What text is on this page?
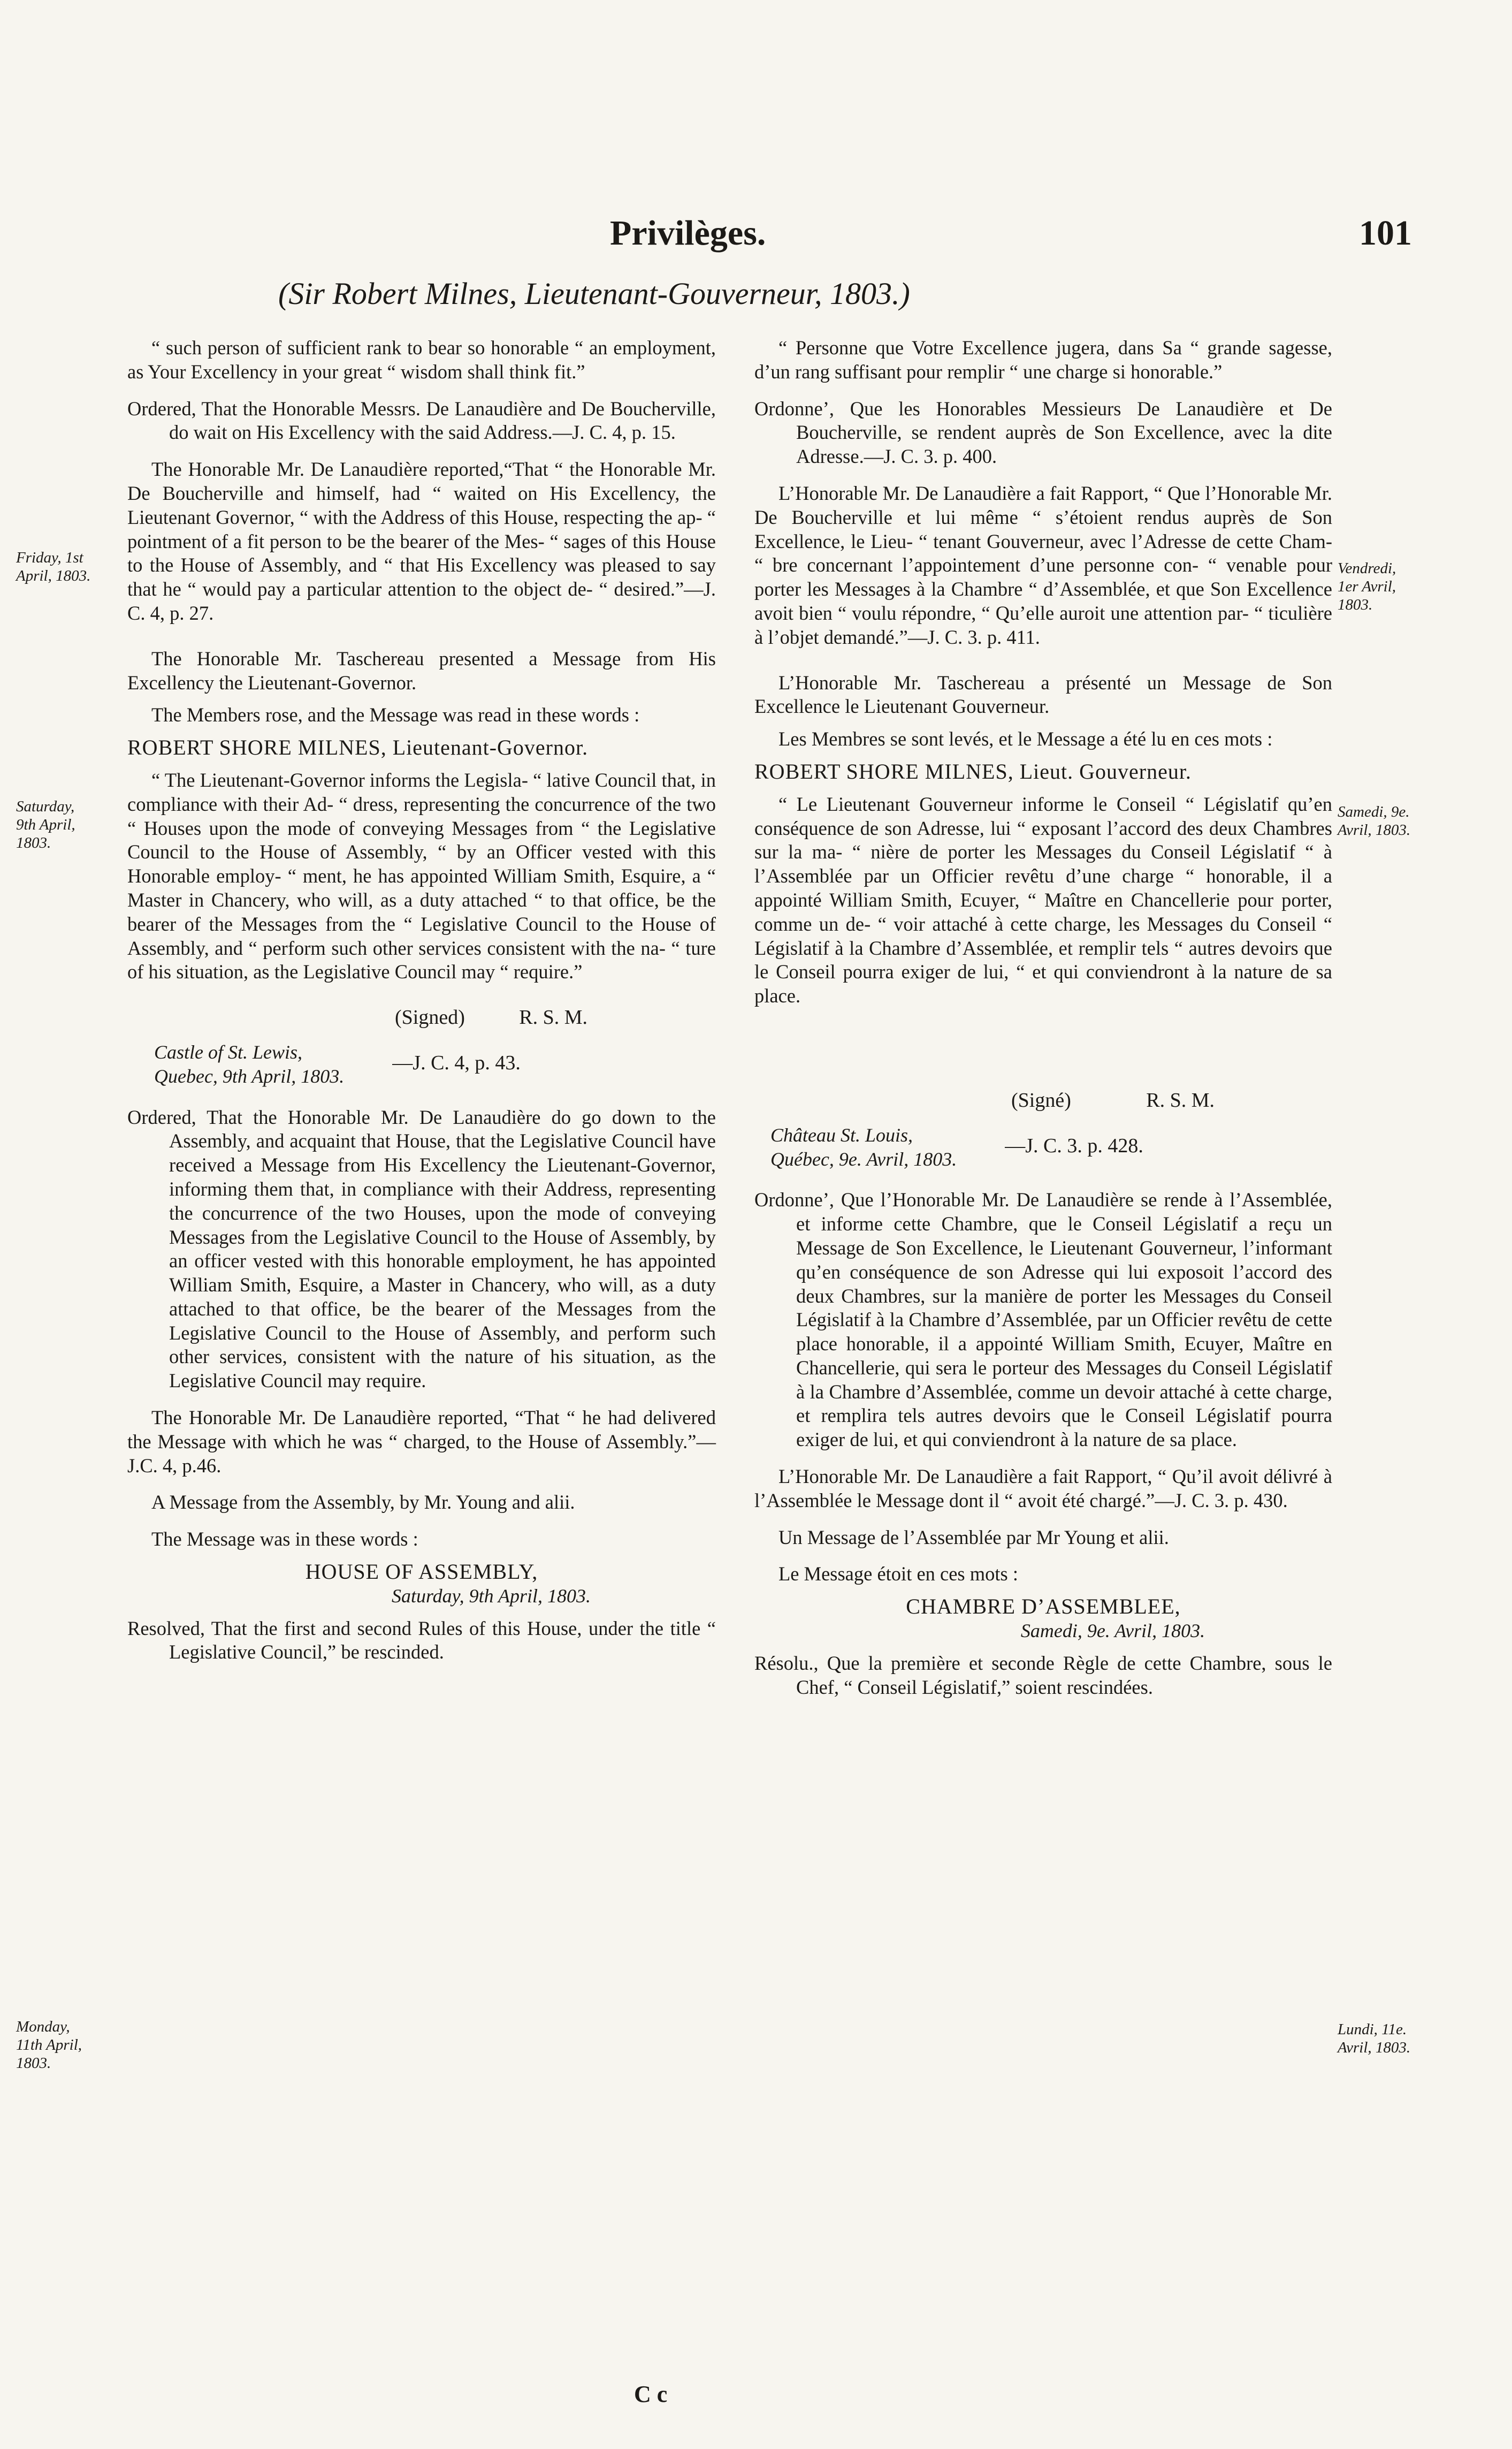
Privilèges.	101
(Sir Robert Milnes, Lieutenant-Gouverneur, 1803.)
Friday, 1st April, 1803.	Vendredi, 1er Avril, 1803.
Saturday, 9th April, 1803.
Samedi, 9e. Avril, 1803.
Monday, 11th April, 1803.
Lundi, 11e. Avril, 1803.

“ such person of sufficient rank to bear so honorable “ an employment, as Your Excellency in your great “ wisdom shall think fit.”

Ordered, That the Honorable Messrs. De Lanaudière and De Boucherville, do wait on His Excellency with the said Address.—J. C. 4, p. 15.

The Honorable Mr. De Lanaudière reported,“That “ the Honorable Mr. De Boucherville and himself, had “ waited on His Excellency, the Lieutenant Governor, “ with the Address of this House, respecting the ap- “ pointment of a fit person to be the bearer of the Mes- “ sages of this House to the House of Assembly, and “ that His Excellency was pleased to say that he “ would pay a particular attention to the object de- “ desired.”—J. C. 4, p. 27.

The Honorable Mr. Taschereau presented a Message from His Excellency the Lieutenant-Governor.

The Members rose, and the Message was read in these words :

ROBERT SHORE MILNES, Lieutenant-Governor.

“ The Lieutenant-Governor informs the Legisla- “ lative Council that, in compliance with their Ad- “ dress, representing the concurrence of the two “ Houses upon the mode of conveying Messages from “ the Legislative Council to the House of Assembly, “ by an Officer vested with this Honorable employ- “ ment, he has appointed William Smith, Esquire, a “ Master in Chancery, who will, as a duty attached “ to that office, be the bearer of the Messages from the “ Legislative Council to the House of Assembly, and “ perform such other services consistent with the na- “ ture of his situation, as the Legislative Council may “ require.”

(Signed)	R. S. M.
Castle of St. Lewis,
Quebec, 9th April, 1803.
—J. C. 4, p. 43.

Ordered, That the Honorable Mr. De Lanaudière do go down to the Assembly, and acquaint that House, that the Legislative Council have received a Message from His Excellency the Lieutenant-Governor, informing them that, in compliance with their Address, representing the concurrence of the two Houses, upon the mode of conveying Messages from the Legislative Council to the House of Assembly, by an officer vested with this honorable employment, he has appointed William Smith, Esquire, a Master in Chancery, who will, as a duty attached to that office, be the bearer of the Messages from the Legislative Council to the House of Assembly, and perform such other services, consistent with the nature of his situation, as the Legislative Council may require.

The Honorable Mr. De Lanaudière reported, “That “ he had delivered the Message with which he was “ charged, to the House of Assembly.”—J.C. 4, p.46.

A Message from the Assembly, by Mr. Young and alii.

The Message was in these words :

HOUSE OF ASSEMBLY,

Saturday, 9th April, 1803.

Resolved, That the first and second Rules of this House, under the title “ Legislative Council,” be rescinded.

“ Personne que Votre Excellence jugera, dans Sa “ grande sagesse, d’un rang suffisant pour remplir “ une charge si honorable.”

Ordonne’, Que les Honorables Messieurs De Lanaudière et De Boucherville, se rendent auprès de Son Excellence, avec la dite Adresse.—J. C. 3. p. 400.

L’Honorable Mr. De Lanaudière a fait Rapport, “ Que l’Honorable Mr. De Boucherville et lui même “ s’étoient rendus auprès de Son Excellence, le Lieu- “ tenant Gouverneur, avec l’Adresse de cette Cham- “ bre concernant l’appointement d’une personne con- “ venable pour porter les Messages à la Chambre “ d’Assemblée, et que Son Excellence avoit bien “ voulu répondre, “ Qu’elle auroit une attention par- “ ticulière à l’objet demandé.”—J. C. 3. p. 411.

L’Honorable Mr. Taschereau a présenté un Message de Son Excellence le Lieutenant Gouverneur.

Les Membres se sont levés, et le Message a été lu en ces mots :

ROBERT SHORE MILNES, Lieut. Gouverneur.

“ Le Lieutenant Gouverneur informe le Conseil “ Législatif qu’en conséquence de son Adresse, lui “ exposant l’accord des deux Chambres sur la ma- “ nière de porter les Messages du Conseil Législatif “ à l’Assemblée par un Officier revêtu d’une charge “ honorable, il a appointé William Smith, Ecuyer, “ Maître en Chancellerie pour porter, comme un de- “ voir attaché à cette charge, les Messages du Conseil “ Législatif à la Chambre d’Assemblée, et remplir tels “ autres devoirs que le Conseil pourra exiger de lui, “ et qui conviendront à la nature de sa place.

(Signé)	R. S. M.
Château St. Louis,
Québec, 9e. Avril, 1803.
—J. C. 3. p. 428.

Ordonne’, Que l’Honorable Mr. De Lanaudière se rende à l’Assemblée, et informe cette Chambre, que le Conseil Législatif a reçu un Message de Son Excellence, le Lieutenant Gouverneur, l’informant qu’en conséquence de son Adresse qui lui exposoit l’accord des deux Chambres, sur la manière de porter les Messages du Conseil Législatif à la Chambre d’Assemblée, par un Officier revêtu de cette place honorable, il a appointé William Smith, Ecuyer, Maître en Chancellerie, qui sera le porteur des Messages du Conseil Législatif à la Chambre d’Assemblée, comme un devoir attaché à cette charge, et remplira tels autres devoirs que le Conseil Législatif pourra exiger de lui, et qui conviendront à la nature de sa place.

L’Honorable Mr. De Lanaudière a fait Rapport, “ Qu’il avoit délivré à l’Assemblée le Message dont il “ avoit été chargé.”—J. C. 3. p. 430.

Un Message de l’Assemblée par Mr Young et alii.

Le Message étoit en ces mots :

CHAMBRE D’ASSEMBLEE,

Samedi, 9e. Avril, 1803.

Résolu., Que la première et seconde Règle de cette Chambre, sous le Chef, “ Conseil Législatif,” soient rescindées.

C c
